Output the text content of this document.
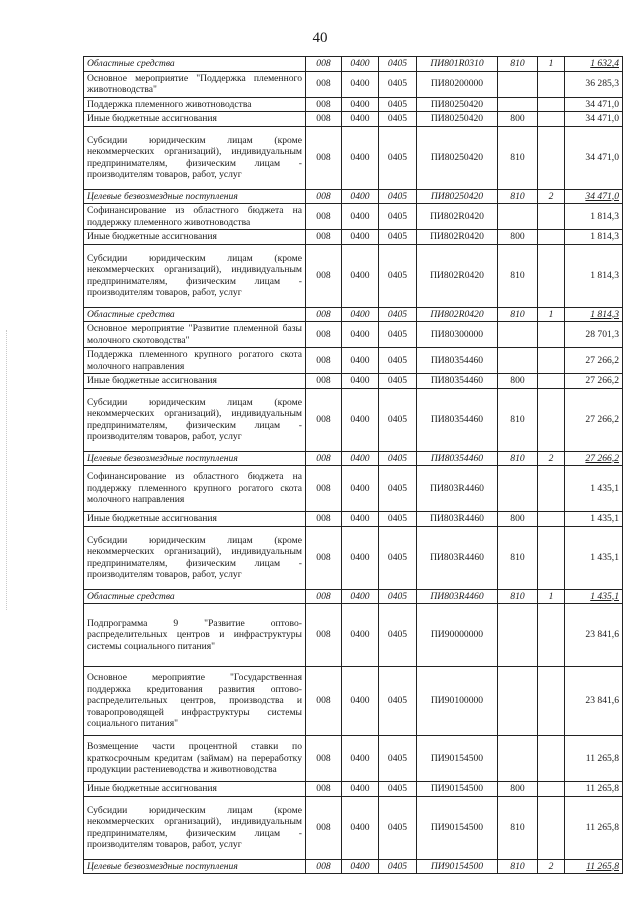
40
Областные средства	008	0400	0405	ПИ801R0310	810	1	1 632,4
Основное мероприятие "Поддержка племенного животноводства"	008	0400	0405	ПИ80200000			36 285,3
Поддержка племенного животноводства	008	0400	0405	ПИ80250420			34 471,0
Иные бюджетные ассигнования	008	0400	0405	ПИ80250420	800		34 471,0
Субсидии юридическим лицам (кроме некоммерческих организаций), индивидуальным предпринимателям, физическим лицам - производителям товаров, работ, услуг	008	0400	0405	ПИ80250420	810		34 471,0
Целевые безвозмездные поступления	008	0400	0405	ПИ80250420	810	2	34 471,0
Софинансирование из областного бюджета на поддержку племенного животноводства	008	0400	0405	ПИ802R0420			1 814,3
Иные бюджетные ассигнования	008	0400	0405	ПИ802R0420	800		1 814,3
Субсидии юридическим лицам (кроме некоммерческих организаций), индивидуальным предпринимателям, физическим лицам - производителям товаров, работ, услуг	008	0400	0405	ПИ802R0420	810		1 814,3
Областные средства	008	0400	0405	ПИ802R0420	810	1	1 814,3
Основное мероприятие "Развитие племенной базы молочного скотоводства"	008	0400	0405	ПИ80300000			28 701,3
Поддержка племенного крупного рогатого скота молочного направления	008	0400	0405	ПИ80354460			27 266,2
Иные бюджетные ассигнования	008	0400	0405	ПИ80354460	800		27 266,2
Субсидии юридическим лицам (кроме некоммерческих организаций), индивидуальным предпринимателям, физическим лицам - производителям товаров, работ, услуг	008	0400	0405	ПИ80354460	810		27 266,2
Целевые безвозмездные поступления	008	0400	0405	ПИ80354460	810	2	27 266,2
Софинансирование из областного бюджета на поддержку племенного крупного рогатого скота молочного направления	008	0400	0405	ПИ803R4460			1 435,1
Иные бюджетные ассигнования	008	0400	0405	ПИ803R4460	800		1 435,1
Субсидии юридическим лицам (кроме некоммерческих организаций), индивидуальным предпринимателям, физическим лицам - производителям товаров, работ, услуг	008	0400	0405	ПИ803R4460	810		1 435,1
Областные средства	008	0400	0405	ПИ803R4460	810	1	1 435,1
Подпрограмма 9 "Развитие оптово-распределительных центров и инфраструктуры системы социального питания"	008	0400	0405	ПИ90000000			23 841,6
Основное мероприятие "Государственная поддержка кредитования развития оптово-распределительных центров, производства и товаропроводящей инфраструктуры системы социального питания"	008	0400	0405	ПИ90100000			23 841,6
Возмещение части процентной ставки по краткосрочным кредитам (займам) на переработку продукции растениеводства и животноводства	008	0400	0405	ПИ90154500			11 265,8
Иные бюджетные ассигнования	008	0400	0405	ПИ90154500	800		11 265,8
Субсидии юридическим лицам (кроме некоммерческих организаций), индивидуальным предпринимателям, физическим лицам - производителям товаров, работ, услуг	008	0400	0405	ПИ90154500	810		11 265,8
Целевые безвозмездные поступления	008	0400	0405	ПИ90154500	810	2	11 265,8
